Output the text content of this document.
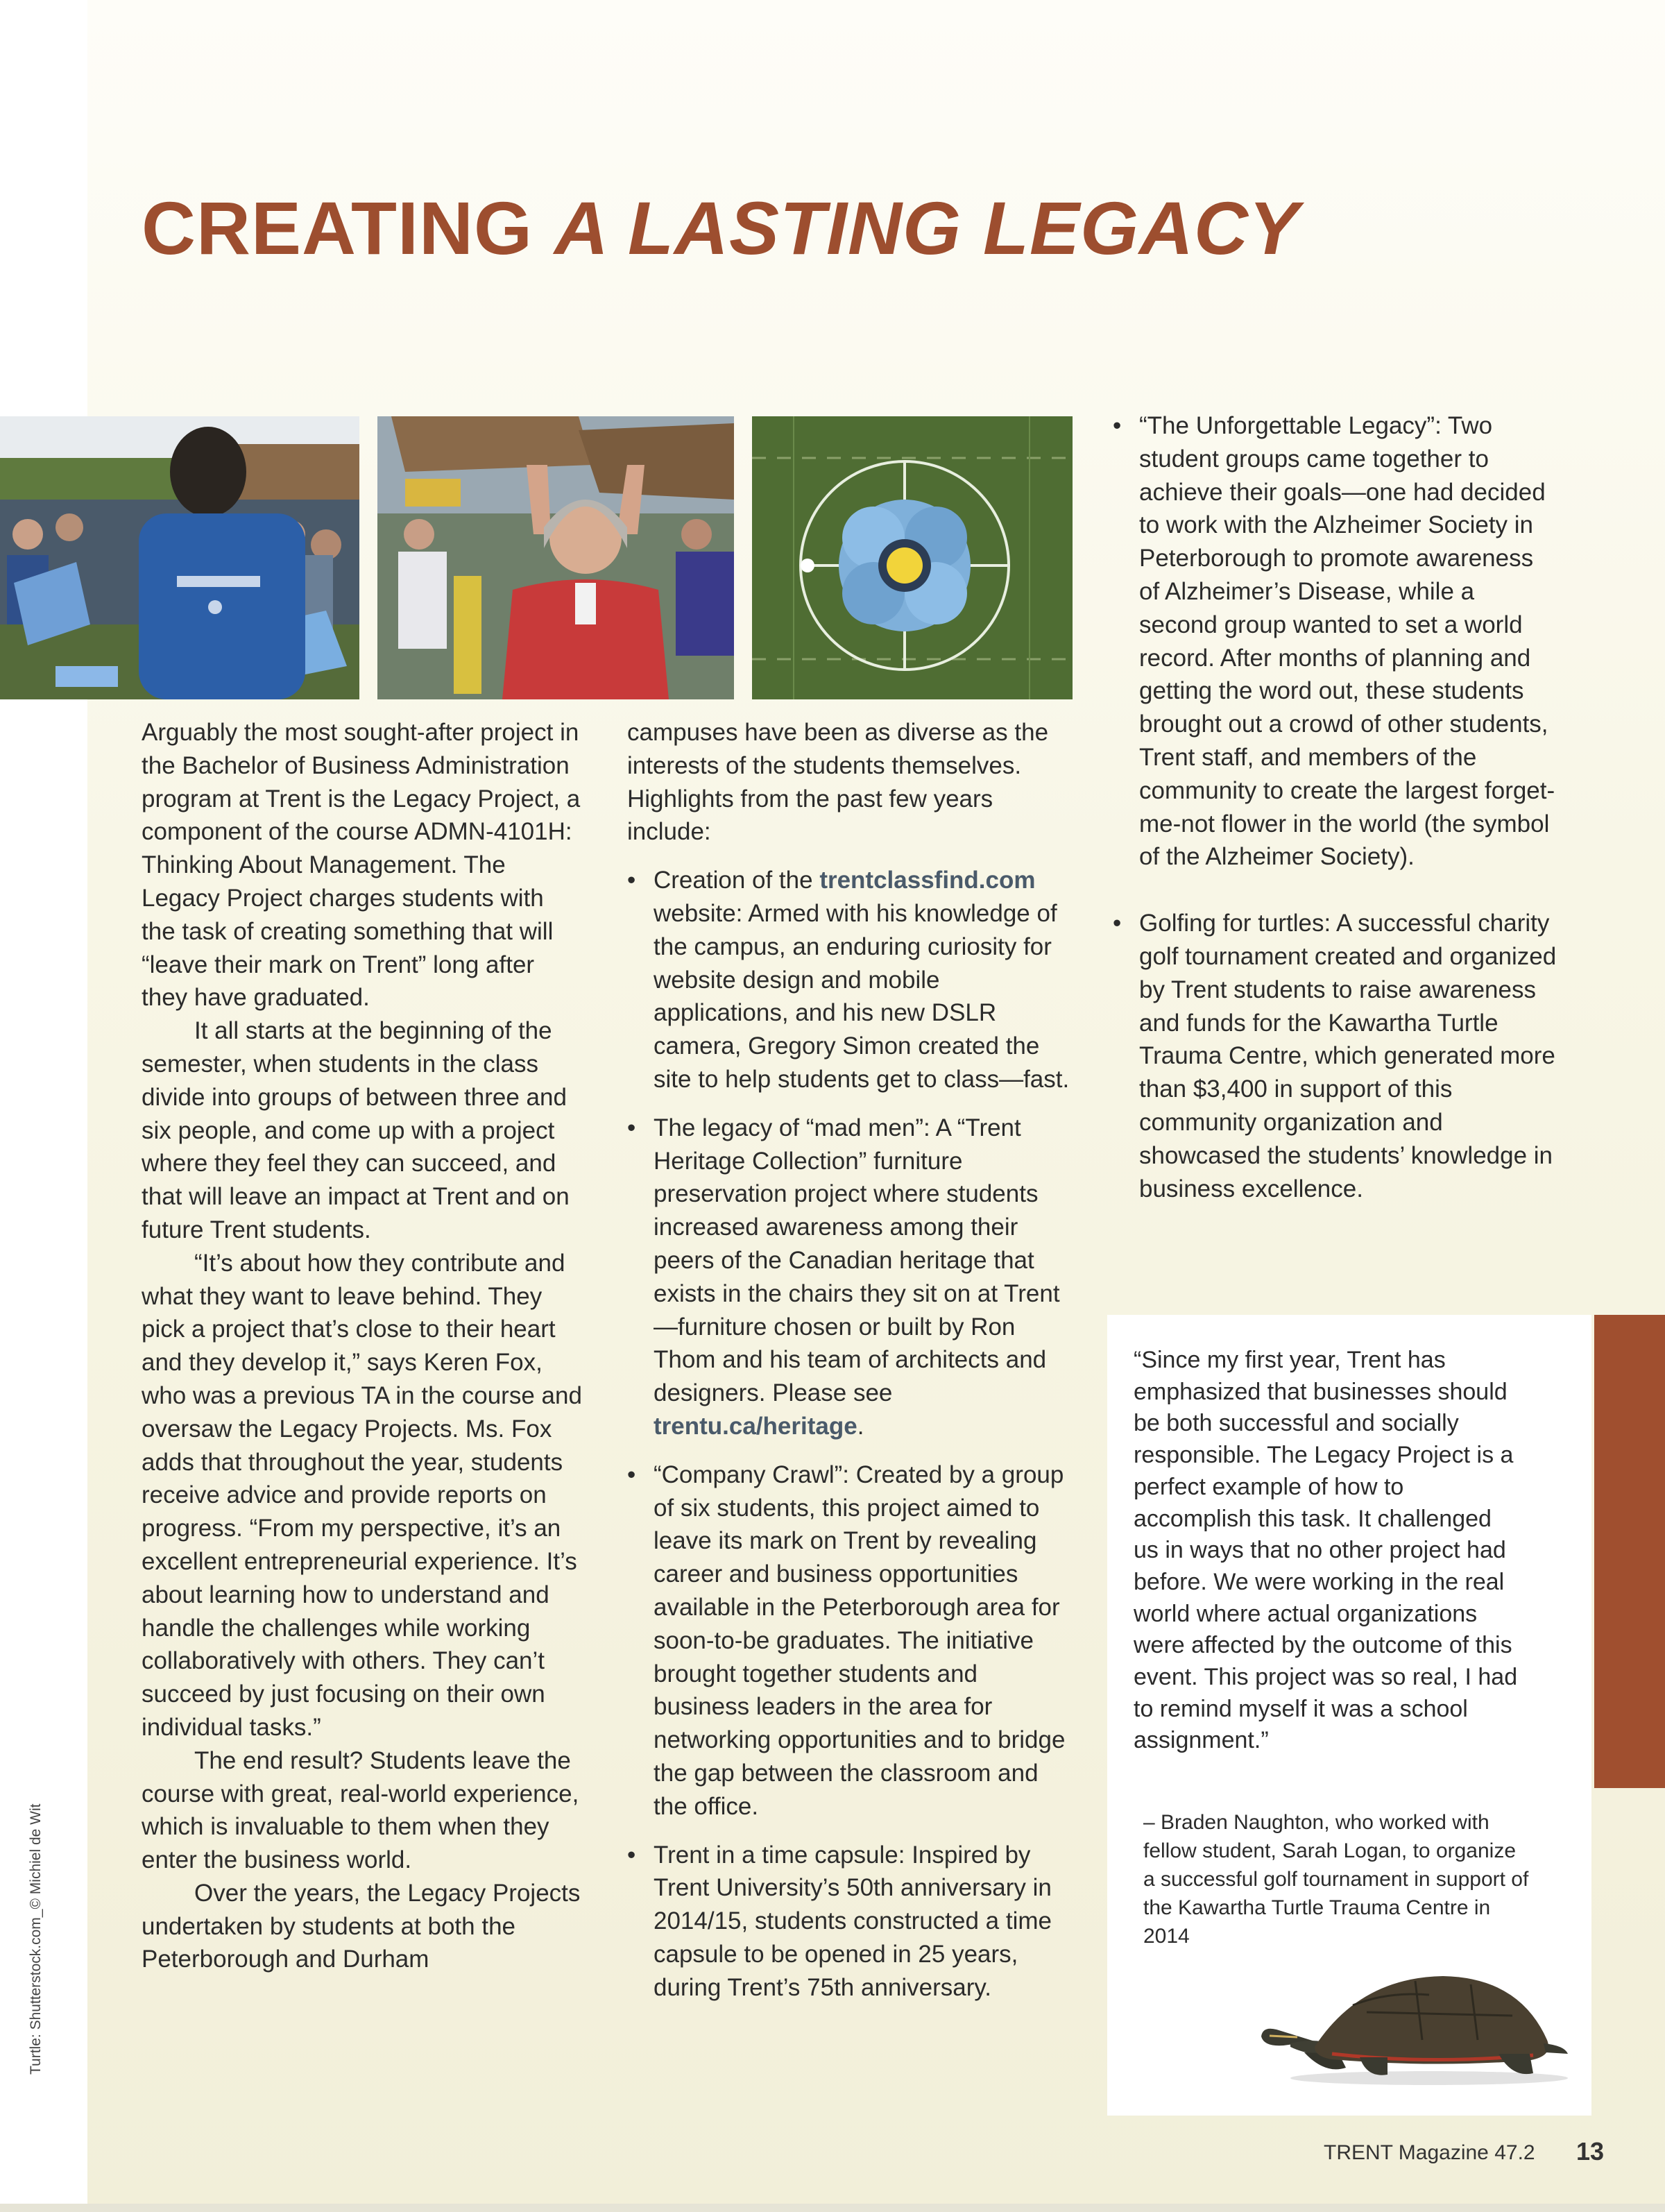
CREATING A LASTING LEGACY
Turtle: Shutterstock.com_© Michiel de Wit

Arguably the most sought-after project in the Bachelor of Business Administration program at Trent is the Legacy Project, a component of the course ADMN-4101H: Thinking About Management. The Legacy Project charges students with the task of creating something that will “leave their mark on Trent” long after they have graduated.

It all starts at the beginning of the semester, when students in the class divide into groups of between three and six people, and come up with a project where they feel they can succeed, and that will leave an impact at Trent and on future Trent students.

“It’s about how they contribute and what they want to leave behind. They pick a project that’s close to their heart and they develop it,” says Keren Fox, who was a previous TA in the course and oversaw the Legacy Projects. Ms. Fox adds that throughout the year, students receive advice and provide reports on progress. “From my perspective, it’s an excellent entrepreneurial experience. It’s about learning how to understand and handle the challenges while working collaboratively with others. They can’t succeed by just focusing on their own individual tasks.”

The end result? Students leave the course with great, real-world experience, which is invaluable to them when they enter the business world.

Over the years, the Legacy Projects undertaken by students at both the Peterborough and Durham

campuses have been as diverse as the interests of the students themselves. Highlights from the past few years include:

• Creation of the trentclassfind.com website: Armed with his knowledge of the campus, an enduring curiosity for website design and mobile applications, and his new DSLR camera, Gregory Simon created the site to help students get to class—fast.
• The legacy of “mad men”: A “Trent Heritage Collection” furniture preservation project where students increased awareness among their peers of the Canadian heritage that exists in the chairs they sit on at Trent—furniture chosen or built by Ron Thom and his team of architects and designers. Please see trentu.ca/heritage.
• “Company Crawl”: Created by a group of six students, this project aimed to leave its mark on Trent by revealing career and business opportunities available in the Peterborough area for soon-to-be graduates. The initiative brought together students and business leaders in the area for networking opportunities and to bridge the gap between the classroom and the office.
• Trent in a time capsule: Inspired by Trent University’s 50th anniversary in 2014/15, students constructed a time capsule to be opened in 25 years, during Trent’s 75th anniversary.
• “The Unforgettable Legacy”: Two student groups came together to achieve their goals—one had decided to work with the Alzheimer Society in Peterborough to promote awareness of Alzheimer’s Disease, while a second group wanted to set a world record. After months of planning and getting the word out, these students brought out a crowd of other students, Trent staff, and members of the community to create the largest forget-me-not flower in the world (the symbol of the Alzheimer Society).
• Golfing for turtles: A successful charity golf tournament created and organized by Trent students to raise awareness and funds for the Kawartha Turtle Trauma Centre, which generated more than $3,400 in support of this community organization and showcased the students’ knowledge in business excellence.

“Since my first year, Trent has emphasized that businesses should be both successful and socially responsible. The Legacy Project is a perfect example of how to accomplish this task. It challenged us in ways that no other project had before. We were working in the real world where actual organizations were affected by the outcome of this event. This project was so real, I had to remind myself it was a school assignment.”

– Braden Naughton, who worked with fellow student, Sarah Logan, to organize a successful golf tournament in support of the Kawartha Turtle Trauma Centre in 2014

TRENT Magazine 47.2 13
